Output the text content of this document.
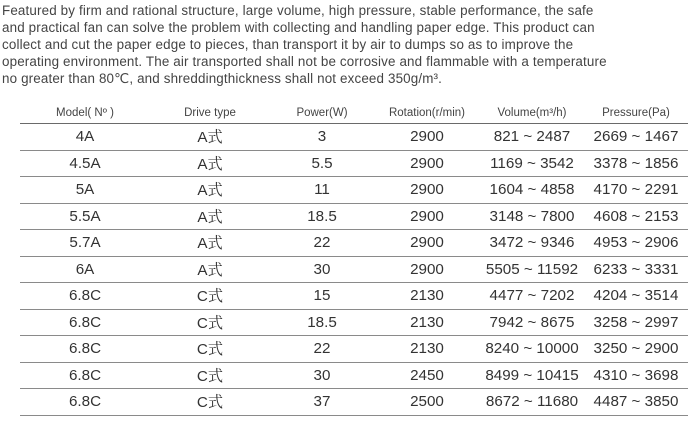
Featured by firm and rational structure, large volume, high pressure, stable performance, the safe
and practical fan can solve the problem with collecting and handling paper edge. This product can
collect and cut the paper edge to pieces, than transport it by air to dumps so as to improve the
operating environment. The air transported shall not be corrosive and flammable with a temperature
no greater than 80℃, and shreddingthickness shall not exceed 350g/m³.

Model( Nº )	Drive type	Power(W)	Rotation(r/min)	Volume(m³/h)	Pressure(Pa)
4A	A式	3	2900	821 ~ 2487	2669 ~ 1467
4.5A	A式	5.5	2900	1169 ~ 3542	3378 ~ 1856
5A	A式	11	2900	1604 ~ 4858	4170 ~ 2291
5.5A	A式	18.5	2900	3148 ~ 7800	4608 ~ 2153
5.7A	A式	22	2900	3472 ~ 9346	4953 ~ 2906
6A	A式	30	2900	5505 ~ 11592	6233 ~ 3331
6.8C	C式	15	2130	4477 ~ 7202	4204 ~ 3514
6.8C	C式	18.5	2130	7942 ~ 8675	3258 ~ 2997
6.8C	C式	22	2130	8240 ~ 10000	3250 ~ 2900
6.8C	C式	30	2450	8499 ~ 10415	4310 ~ 3698
6.8C	C式	37	2500	8672 ~ 11680	4487 ~ 3850
